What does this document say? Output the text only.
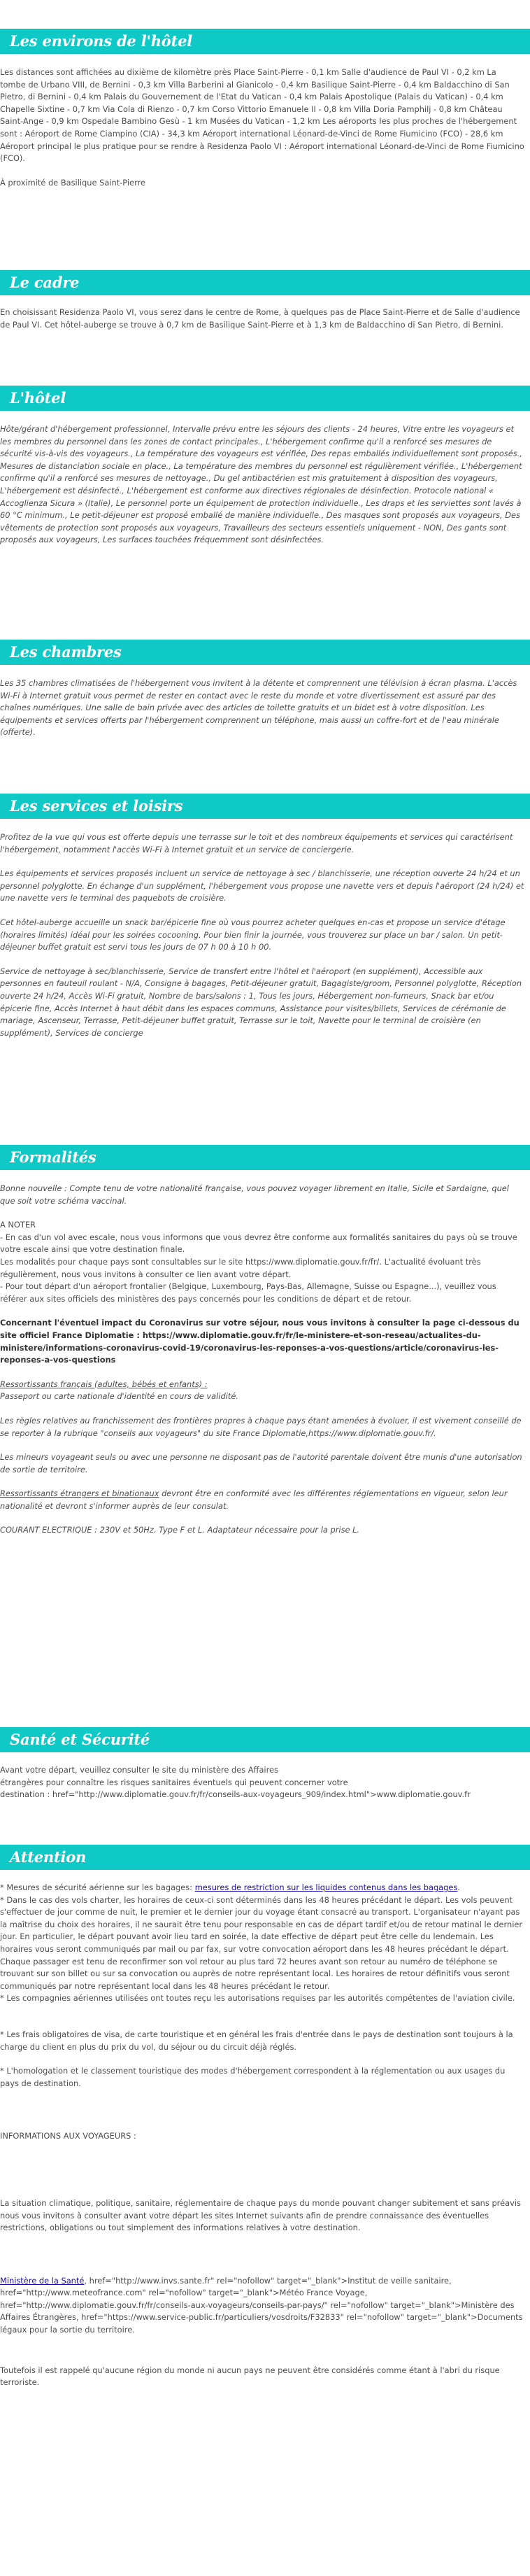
Les environs de l'hôtel

Les distances sont affichées au dixième de kilomètre près Place Saint-Pierre - 0,1 km Salle d'audience de Paul VI - 0,2 km La tombe de Urbano VIII, de Bernini - 0,3 km Villa Barberini al Gianicolo - 0,4 km Basilique Saint-Pierre - 0,4 km Baldacchino di San Pietro, di Bernini - 0,4 km Palais du Gouvernement de l'Etat du Vatican - 0,4 km Palais Apostolique (Palais du Vatican) - 0,4 km Chapelle Sixtine - 0,7 km Via Cola di Rienzo - 0,7 km Corso Vittorio Emanuele II - 0,8 km Villa Doria Pamphilj - 0,8 km Château Saint-Ange - 0,9 km Ospedale Bambino Gesù - 1 km Musées du Vatican - 1,2 km Les aéroports les plus proches de l'hébergement sont : Aéroport de Rome Ciampino (CIA) - 34,3 km Aéroport international Léonard-de-Vinci de Rome Fiumicino (FCO) - 28,6 km Aéroport principal le plus pratique pour se rendre à Residenza Paolo VI : Aéroport international Léonard-de-Vinci de Rome Fiumicino (FCO).

À proximité de Basilique Saint-Pierre

Le cadre

En choisissant Residenza Paolo VI, vous serez dans le centre de Rome, à quelques pas de Place Saint-Pierre et de Salle d'audience de Paul VI. Cet hôtel-auberge se trouve à 0,7 km de Basilique Saint-Pierre et à 1,3 km de Baldacchino di San Pietro, di Bernini.

L'hôtel

Hôte/gérant d'hébergement professionnel, Intervalle prévu entre les séjours des clients - 24 heures, Vitre entre les voyageurs et les membres du personnel dans les zones de contact principales., L'hébergement confirme qu'il a renforcé ses mesures de sécurité vis-à-vis des voyageurs., La température des voyageurs est vérifiée, Des repas emballés individuellement sont proposés., Mesures de distanciation sociale en place., La température des membres du personnel est régulièrement vérifiée., L'hébergement confirme qu'il a renforcé ses mesures de nettoyage., Du gel antibactérien est mis gratuitement à disposition des voyageurs, L'hébergement est désinfecté., L'hébergement est conforme aux directives régionales de désinfection. Protocole national « Accoglienza Sicura » (Italie), Le personnel porte un équipement de protection individuelle., Les draps et les serviettes sont lavés à 60 °C minimum., Le petit-déjeuner est proposé emballé de manière individuelle., Des masques sont proposés aux voyageurs, Des vêtements de protection sont proposés aux voyageurs, Travailleurs des secteurs essentiels uniquement - NON, Des gants sont proposés aux voyageurs, Les surfaces touchées fréquemment sont désinfectées.

Les chambres

Les 35 chambres climatisées de l'hébergement vous invitent à la détente et comprennent une télévision à écran plasma. L'accès Wi-Fi à Internet gratuit vous permet de rester en contact avec le reste du monde et votre divertissement est assuré par des chaînes numériques. Une salle de bain privée avec des articles de toilette gratuits et un bidet est à votre disposition. Les équipements et services offerts par l'hébergement comprennent un téléphone, mais aussi un coffre-fort et de l'eau minérale (offerte).

Les services et loisirs

Profitez de la vue qui vous est offerte depuis une terrasse sur le toit et des nombreux équipements et services qui caractérisent l'hébergement, notamment l'accès Wi-Fi à Internet gratuit et un service de conciergerie.

Les équipements et services proposés incluent un service de nettoyage à sec / blanchisserie, une réception ouverte 24 h/24 et un personnel polyglotte. En échange d'un supplément, l'hébergement vous propose une navette vers et depuis l'aéroport (24 h/24) et une navette vers le terminal des paquebots de croisière.

Cet hôtel-auberge accueille un snack bar/épicerie fine où vous pourrez acheter quelques en-cas et propose un service d'étage (horaires limités) idéal pour les soirées cocooning. Pour bien finir la journée, vous trouverez sur place un bar / salon. Un petit-déjeuner buffet gratuit est servi tous les jours de 07 h 00 à 10 h 00.

Service de nettoyage à sec/blanchisserie, Service de transfert entre l'hôtel et l'aéroport (en supplément), Accessible aux personnes en fauteuil roulant - N/A, Consigne à bagages, Petit-déjeuner gratuit, Bagagiste/groom, Personnel polyglotte, Réception ouverte 24 h/24, Accès Wi-Fi gratuit, Nombre de bars/salons : 1, Tous les jours, Hébergement non-fumeurs, Snack bar et/ou épicerie fine, Accès Internet à haut débit dans les espaces communs, Assistance pour visites/billets, Services de cérémonie de mariage, Ascenseur, Terrasse, Petit-déjeuner buffet gratuit, Terrasse sur le toit, Navette pour le terminal de croisière (en supplément), Services de concierge

Formalités

Bonne nouvelle : Compte tenu de votre nationalité française, vous pouvez voyager librement en Italie, Sicile et Sardaigne, quel que soit votre schéma vaccinal.

A NOTER

- En cas d'un vol avec escale, nous vous informons que vous devrez être conforme aux formalités sanitaires du pays où se trouve votre escale ainsi que votre destination finale.

Les modalités pour chaque pays sont consultables sur le site https://www.diplomatie.gouv.fr/fr/. L'actualité évoluant très régulièrement, nous vous invitons à consulter ce lien avant votre départ.

- Pour tout départ d'un aéroport frontalier (Belgique, Luxembourg, Pays-Bas, Allemagne, Suisse ou Espagne...), veuillez vous référer aux sites officiels des ministères des pays concernés pour les conditions de départ et de retour.

Concernant l'éventuel impact du Coronavirus sur votre séjour, nous vous invitons à consulter la page ci-dessous du site officiel France Diplomatie : https://www.diplomatie.gouv.fr/fr/le-ministere-et-son-reseau/actualites-du-ministere/informations-coronavirus-covid-19/coronavirus-les-reponses-a-vos-questions/article/coronavirus-les-reponses-a-vos-questions

Ressortissants français (adultes, bébés et enfants) :

Passeport ou carte nationale d'identité en cours de validité.

Les règles relatives au franchissement des frontières propres à chaque pays étant amenées à évoluer, il est vivement conseillé de se reporter à la rubrique "conseils aux voyageurs" du site France Diplomatie,https://www.diplomatie.gouv.fr/.

Les mineurs voyageant seuls ou avec une personne ne disposant pas de l'autorité parentale doivent être munis d'une autorisation de sortie de territoire.

Ressortissants étrangers et binationaux devront être en conformité avec les différentes réglementations en vigueur, selon leur nationalité et devront s'informer auprès de leur consulat.

COURANT ELECTRIQUE : 230V et 50Hz. Type F et L. Adaptateur nécessaire pour la prise L.

Santé et Sécurité

Avant votre départ, veuillez consulter le site du ministère des Affaires

étrangères pour connaître les risques sanitaires éventuels qui peuvent concerner votre

destination : href="http://www.diplomatie.gouv.fr/fr/conseils-aux-voyageurs_909/index.html">www.diplomatie.gouv.fr

Attention

* Mesures de sécurité aérienne sur les bagages: mesures de restriction sur les liquides contenus dans les bagages.

* Dans le cas des vols charter, les horaires de ceux-ci sont déterminés dans les 48 heures précédant le départ. Les vols peuvent s'effectuer de jour comme de nuit, le premier et le dernier jour du voyage étant consacré au transport. L'organisateur n'ayant pas la maîtrise du choix des horaires, il ne saurait être tenu pour responsable en cas de départ tardif et/ou de retour matinal le dernier jour. En particulier, le départ pouvant avoir lieu tard en soirée, la date effective de départ peut être celle du lendemain. Les horaires vous seront communiqués par mail ou par fax, sur votre convocation aéroport dans les 48 heures précédant le départ. Chaque passager est tenu de reconfirmer son vol retour au plus tard 72 heures avant son retour au numéro de téléphone se trouvant sur son billet ou sur sa convocation ou auprès de notre représentant local. Les horaires de retour définitifs vous seront communiqués par notre représentant local dans les 48 heures précédant le retour.

* Les compagnies aériennes utilisées ont toutes reçu les autorisations requises par les autorités compétentes de l'aviation civile.

* Les frais obligatoires de visa, de carte touristique et en général les frais d'entrée dans le pays de destination sont toujours à la charge du client en plus du prix du vol, du séjour ou du circuit déjà réglés.

* L'homologation et le classement touristique des modes d'hébergement correspondent à la réglementation ou aux usages du pays de destination.

INFORMATIONS AUX VOYAGEURS :

La situation climatique, politique, sanitaire, réglementaire de chaque pays du monde pouvant changer subitement et sans préavis

nous vous invitons à consulter avant votre départ les sites Internet suivants afin de prendre connaissance des éventuelles restrictions, obligations ou tout simplement des informations relatives à votre destination.

Ministère de la Santé, href="http://www.invs.sante.fr" rel="nofollow" target="_blank">Institut de veille sanitaire, href="http://www.meteofrance.com" rel="nofollow" target="_blank">Météo France Voyage, href="http://www.diplomatie.gouv.fr/fr/conseils-aux-voyageurs/conseils-par-pays/" rel="nofollow" target="_blank">Ministère des Affaires Étrangères, href="https://www.service-public.fr/particuliers/vosdroits/F32833" rel="nofollow" target="_blank">Documents légaux pour la sortie du territoire.

Toutefois il est rappelé qu'aucune région du monde ni aucun pays ne peuvent être considérés comme étant à l'abri du risque terroriste.
